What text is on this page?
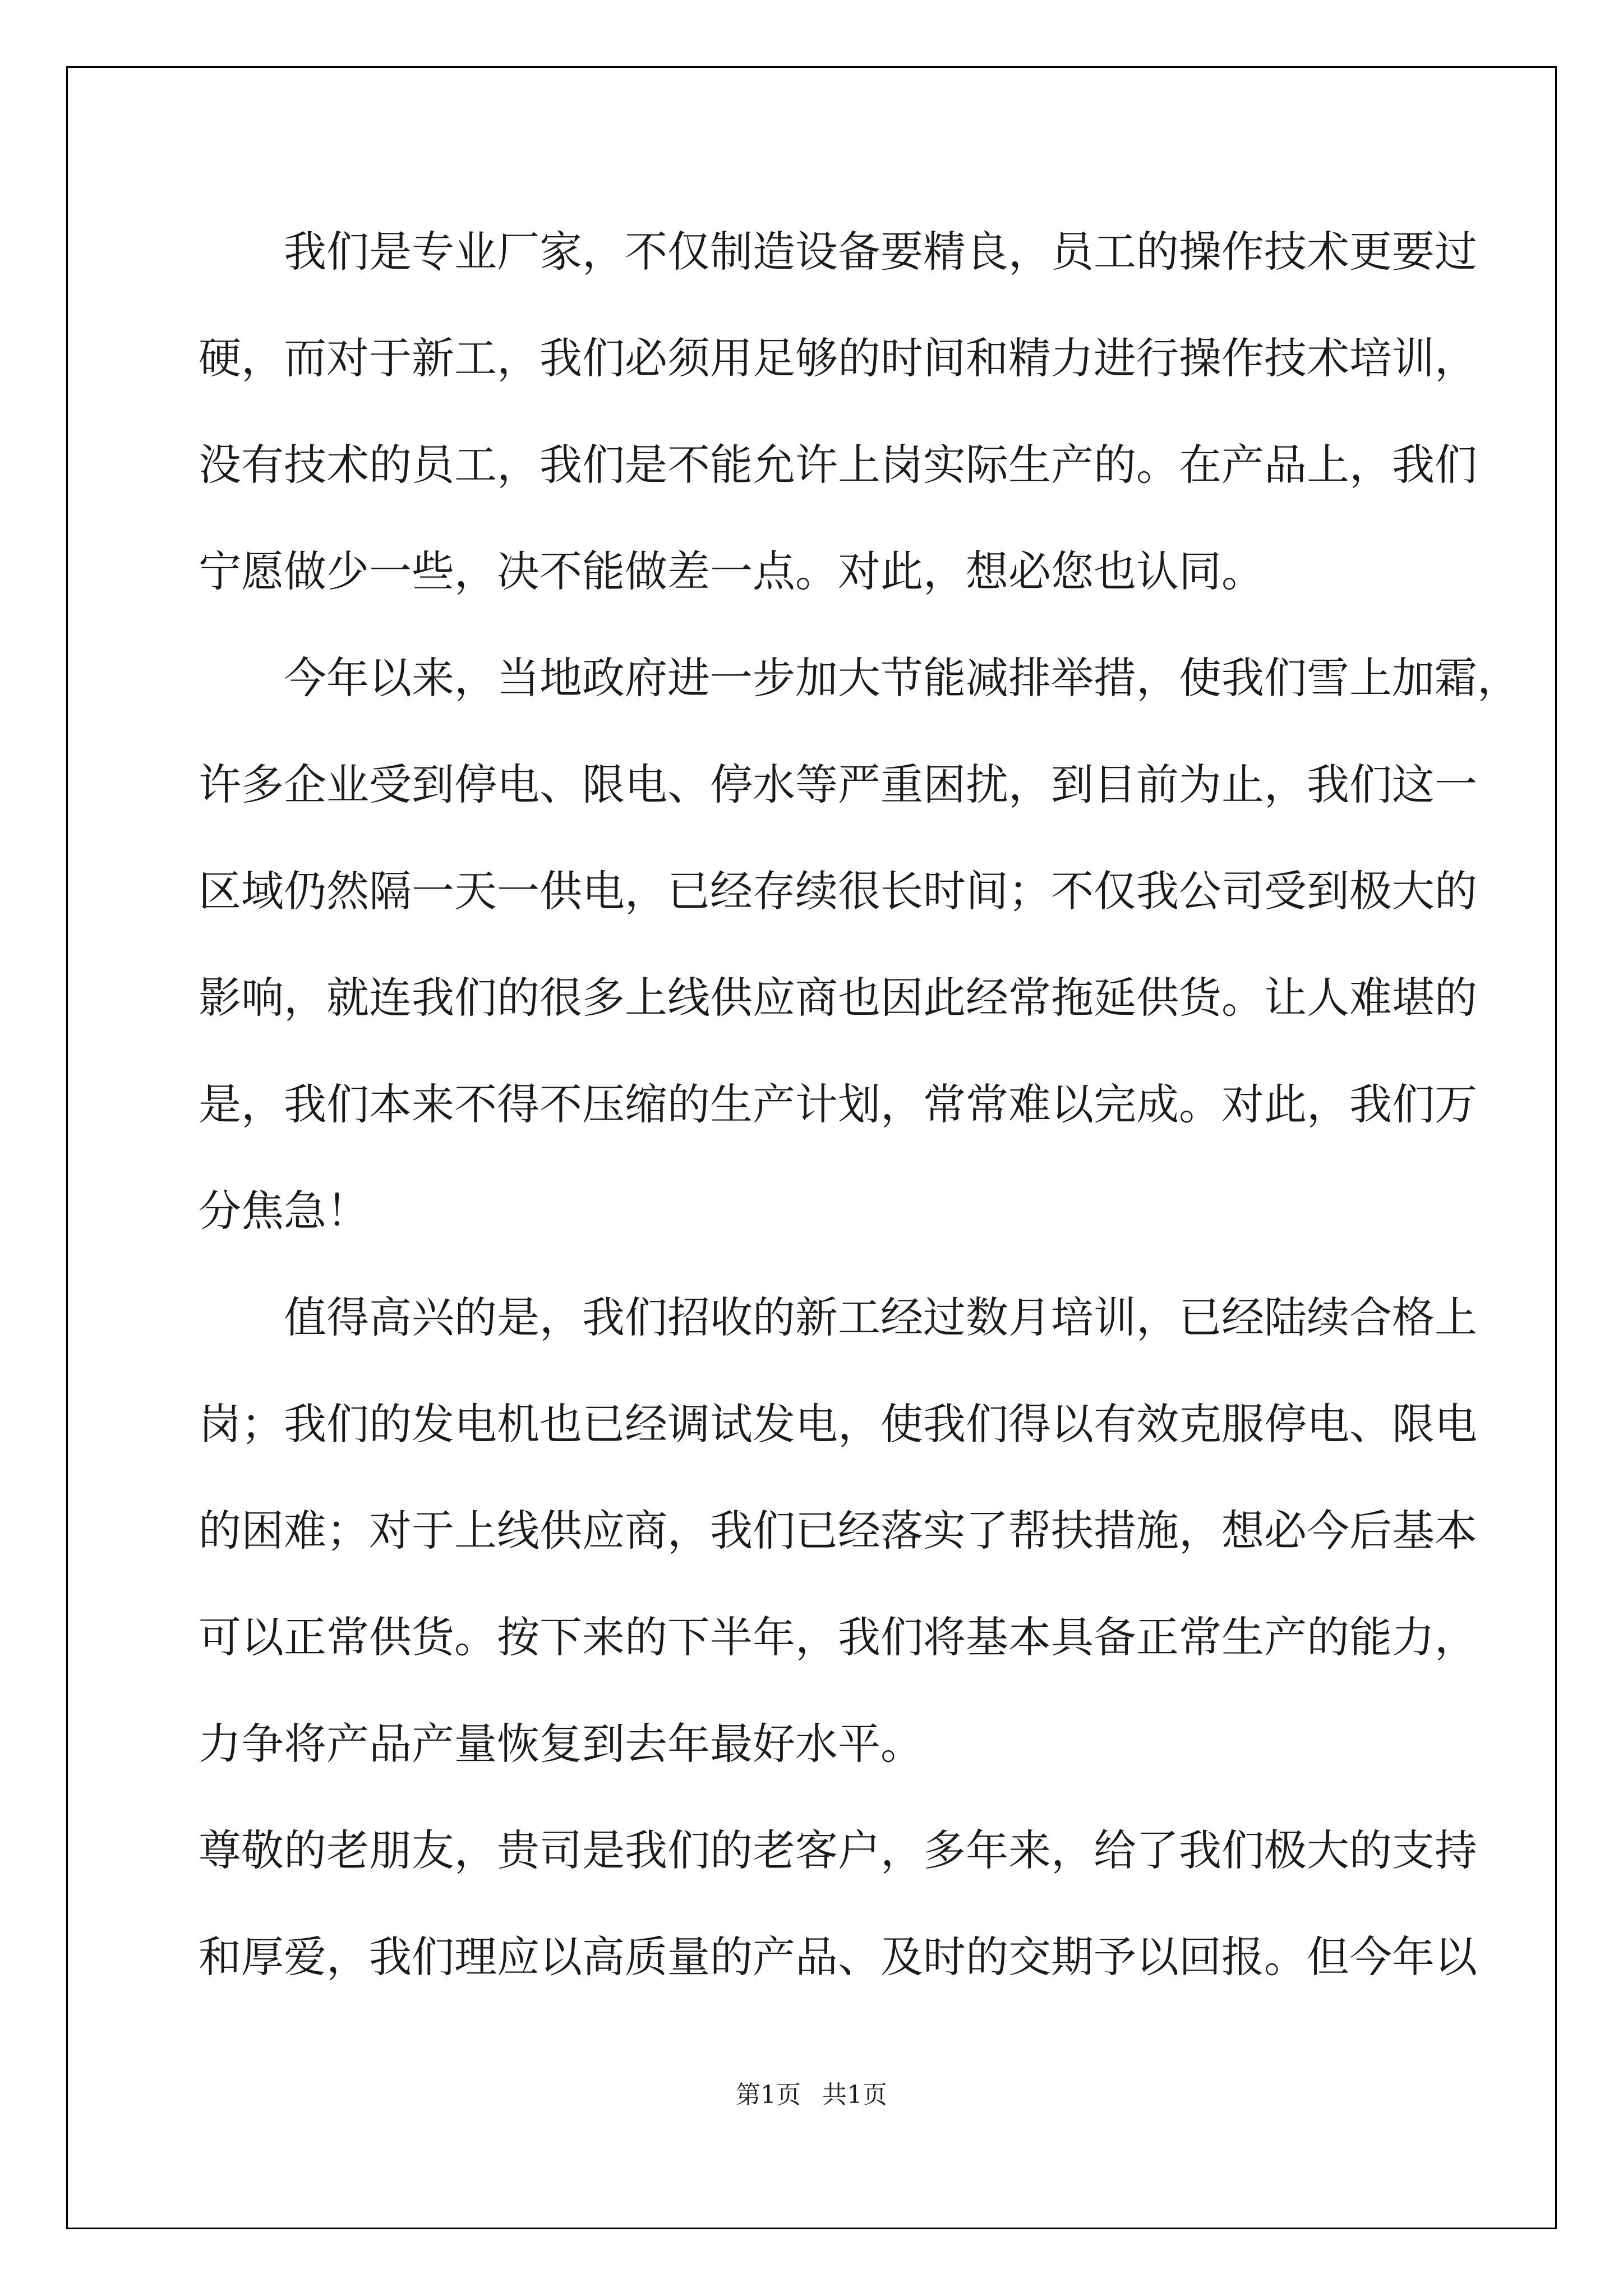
我们是专业厂家，不仅制造设备要精良，员工的操作技术更要过
硬，而对于新工，我们必须用足够的时间和精力进行操作技术培训，
没有技术的员工，我们是不能允许上岗实际生产的。在产品上，我们
宁愿做少一些，决不能做差一点。对此，想必您也认同。
今年以来，当地政府进一步加大节能减排举措，使我们雪上加霜，
许多企业受到停电、限电、停水等严重困扰，到目前为止，我们这一
区域仍然隔一天一供电，已经存续很长时间；不仅我公司受到极大的
影响，就连我们的很多上线供应商也因此经常拖延供货。让人难堪的
是，我们本来不得不压缩的生产计划，常常难以完成。对此，我们万
分焦急！
值得高兴的是，我们招收的新工经过数月培训，已经陆续合格上
岗；我们的发电机也已经调试发电，使我们得以有效克服停电、限电
的困难；对于上线供应商，我们已经落实了帮扶措施，想必今后基本
可以正常供货。按下来的下半年，我们将基本具备正常生产的能力，
力争将产品产量恢复到去年最好水平。
尊敬的老朋友，贵司是我们的老客户，多年来，给了我们极大的支持
和厚爱，我们理应以高质量的产品、及时的交期予以回报。但今年以
第1页 共1页
